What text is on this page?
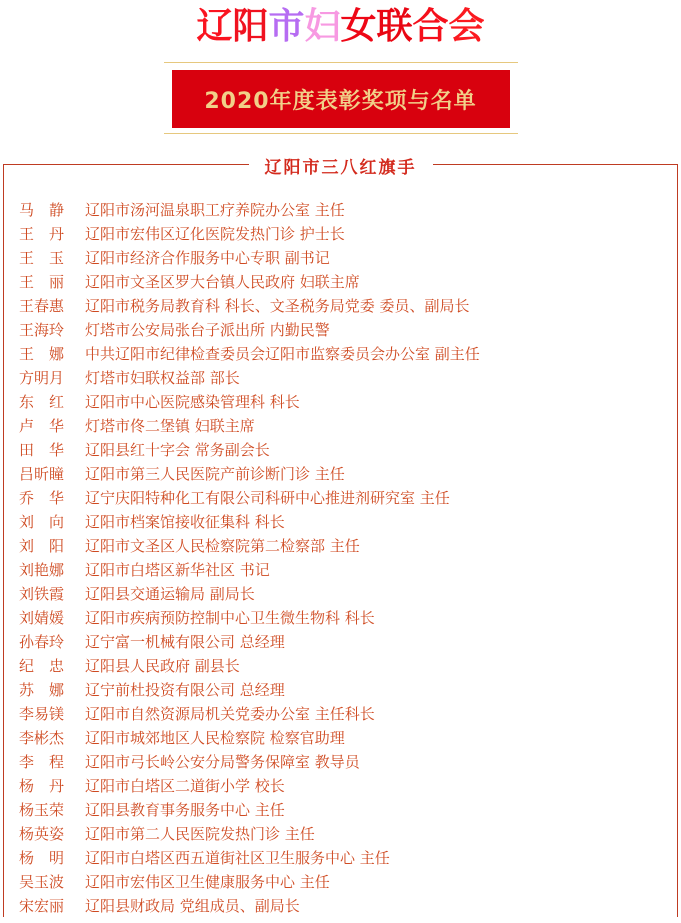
辽阳市妇女联合会
2020年度表彰奖项与名单
辽阳市三八红旗手
马　静 辽阳市汤河温泉职工疗养院办公室 主任
王　丹 辽阳市宏伟区辽化医院发热门诊 护士长
王　玉 辽阳市经济合作服务中心专职 副书记
王　丽 辽阳市文圣区罗大台镇人民政府 妇联主席
王春惠 辽阳市税务局教育科 科长、文圣税务局党委 委员、副局长
王海玲 灯塔市公安局张台子派出所 内勤民警
王　娜 中共辽阳市纪律检查委员会辽阳市监察委员会办公室 副主任
方明月 灯塔市妇联权益部 部长
东　红 辽阳市中心医院感染管理科 科长
卢　华 灯塔市佟二堡镇 妇联主席
田　华 辽阳县红十字会 常务副会长
吕昕瞳 辽阳市第三人民医院产前诊断门诊 主任
乔　华 辽宁庆阳特种化工有限公司科研中心推进剂研究室 主任
刘　向 辽阳市档案馆接收征集科 科长
刘　阳 辽阳市文圣区人民检察院第二检察部 主任
刘艳娜 辽阳市白塔区新华社区 书记
刘铁霞 辽阳县交通运输局 副局长
刘婧媛 辽阳市疾病预防控制中心卫生微生物科 科长
孙春玲 辽宁富一机械有限公司 总经理
纪　忠 辽阳县人民政府 副县长
苏　娜 辽宁前杜投资有限公司 总经理
李易镁 辽阳市自然资源局机关党委办公室 主任科长
李彬杰 辽阳市城郊地区人民检察院 检察官助理
李　程 辽阳市弓长岭公安分局警务保障室 教导员
杨　丹 辽阳市白塔区二道街小学 校长
杨玉荣 辽阳县教育事务服务中心 主任
杨英姿 辽阳市第二人民医院发热门诊 主任
杨　明 辽阳市白塔区西五道街社区卫生服务中心 主任
吴玉波 辽阳市宏伟区卫生健康服务中心 主任
宋宏丽 辽阳县财政局 党组成员、副局长
